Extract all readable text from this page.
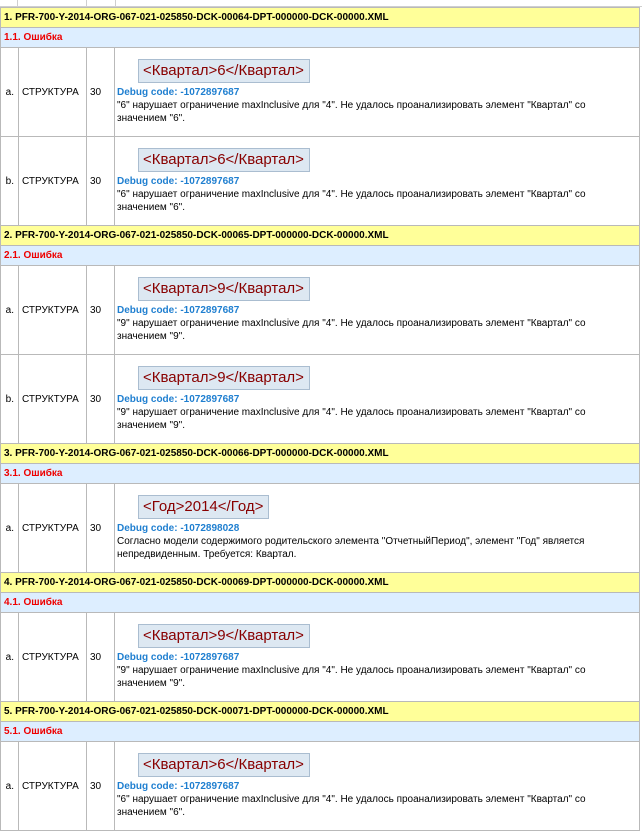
1. PFR-700-Y-2014-ORG-067-021-025850-DCK-00064-DPT-000000-DCK-00000.XML			
1.1. Ошибка			
a.	СТРУКТУРА	30	<Квартал>6</Квартал>
Debug code: -1072897687
"6" нарушает ограничение maxInclusive для "4". Не удалось проанализировать элемент "Квартал" со значением "6".

b.	СТРУКТУРА	30	<Квартал>6</Квартал>
Debug code: -1072897687
"6" нарушает ограничение maxInclusive для "4". Не удалось проанализировать элемент "Квартал" со значением "6".

2. PFR-700-Y-2014-ORG-067-021-025850-DCK-00065-DPT-000000-DCK-00000.XML			
2.1. Ошибка			
a.	СТРУКТУРА	30	<Квартал>9</Квартал>
Debug code: -1072897687
"9" нарушает ограничение maxInclusive для "4". Не удалось проанализировать элемент "Квартал" со значением "9".

b.	СТРУКТУРА	30	<Квартал>9</Квартал>
Debug code: -1072897687
"9" нарушает ограничение maxInclusive для "4". Не удалось проанализировать элемент "Квартал" со значением "9".

3. PFR-700-Y-2014-ORG-067-021-025850-DCK-00066-DPT-000000-DCK-00000.XML			
3.1. Ошибка			
a.	СТРУКТУРА	30	<Год>2014</Год>
Debug code: -1072898028
Согласно модели содержимого родительского элемента "ОтчетныйПериод", элемент "Год" является непредвиденным. Требуется: Квартал.

4. PFR-700-Y-2014-ORG-067-021-025850-DCK-00069-DPT-000000-DCK-00000.XML			
4.1. Ошибка			
a.	СТРУКТУРА	30	<Квартал>9</Квартал>
Debug code: -1072897687
"9" нарушает ограничение maxInclusive для "4". Не удалось проанализировать элемент "Квартал" со значением "9".

5. PFR-700-Y-2014-ORG-067-021-025850-DCK-00071-DPT-000000-DCK-00000.XML			
5.1. Ошибка			
a.	СТРУКТУРА	30	<Квартал>6</Квартал>
Debug code: -1072897687
"6" нарушает ограничение maxInclusive для "4". Не удалось проанализировать элемент "Квартал" со значением "6".
